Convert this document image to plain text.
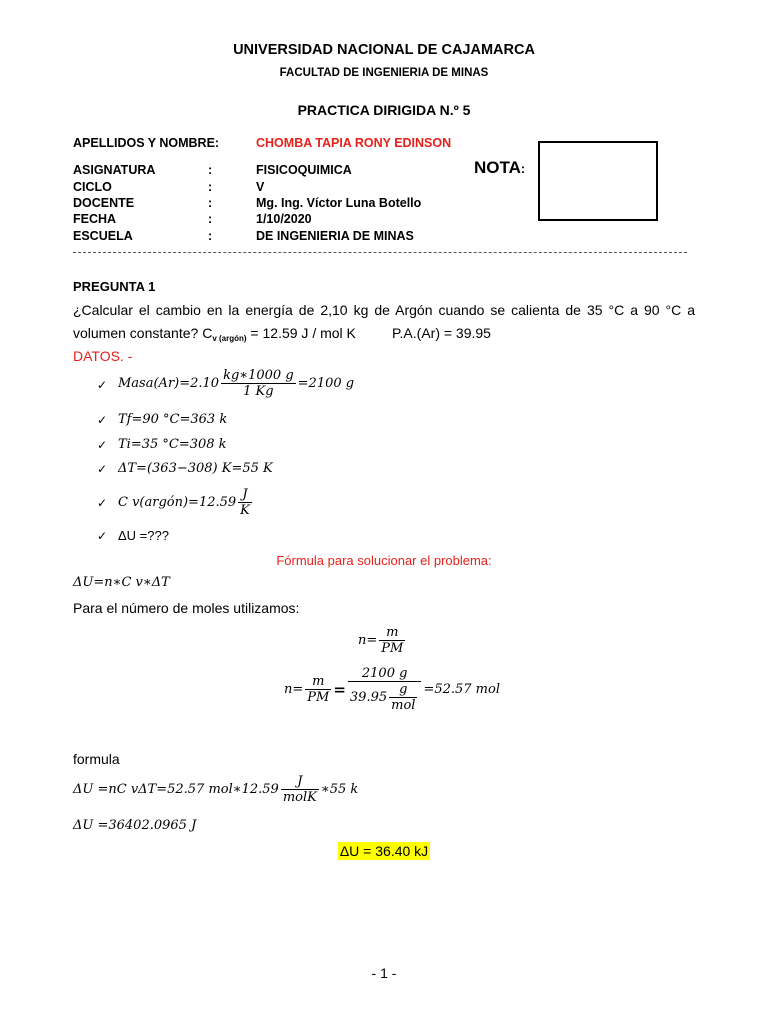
UNIVERSIDAD NACIONAL DE CAJAMARCA
FACULTAD DE INGENIERIA DE MINAS
PRACTICA DIRIGIDA N.º 5
APELLIDOS Y NOMBRE:	CHOMBA TAPIA RONY EDINSON
ASIGNATURA	:	FISICOQUIMICA
CICLO	:	V
DOCENTE	:	Mg. Ing. Víctor Luna Botello
FECHA	:	1/10/2020
ESCUELA	:	DE INGENIERIA DE MINAS
NOTA:
PREGUNTA 1
¿Calcular el cambio en la energía de 2,10 kg de Argón cuando se calienta de 35 °C a 90 °C a
volumen constante? $C_{v (argón)} = 12.59$ J / mol K	P.A.(Ar) = 39.95
DATOS. -
✓ Masa(Ar)=2.10 $\frac{kg∗1000 g}{1 Kg} =2100$ g
✓ Tf=90 °C=363 k
✓ Ti=35 °C=308 k
✓ ΔT=(363−308) K=55 K
✓ C v(argón)=12.59 $\frac{J}{K}$
✓ ΔU =???
Fórmula para solucionar el problema:
ΔU=n∗C v∗ΔT
Para el número de moles utilizamos:
$n= \frac{m}{PM}$
$n= \frac{m}{PM} = \frac{2100 g}{39.95 \frac{g}{\text{mol}}} =52.57$ mol
formula
ΔU =nC vΔT=52.57 mol∗12.59 $\frac{J}{\text{molK}}$ ∗55 k
ΔU =36402.0965 J
ΔU = 36.40 kJ
- 1 -
